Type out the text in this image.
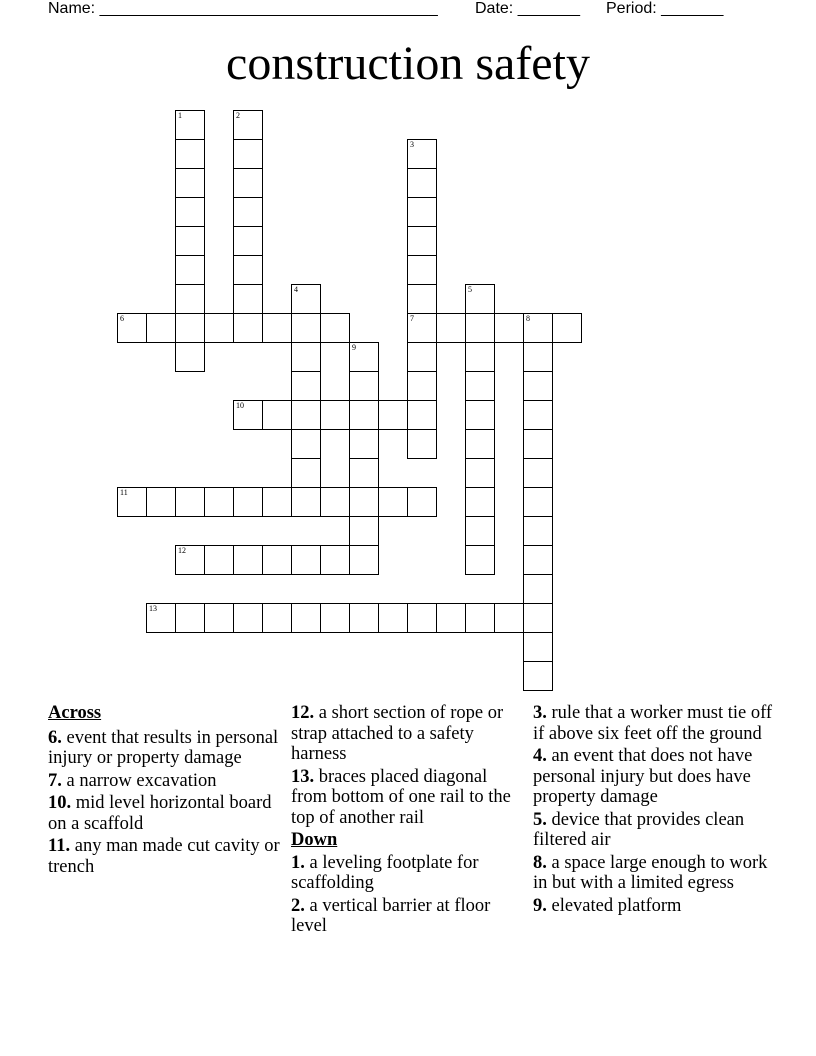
Name: ______________________________________ Date: _______ Period: _______
construction safety
1	2
3
7
4	5
6	8
9
10
11
12
13
Across
6. event that results in personal injury or property damage
7. a narrow excavation
10. mid level horizontal board on a scaffold
11. any man made cut cavity or trench
12. a short section of rope or strap attached to a safety harness
13. braces placed diagonal from bottom of one rail to the top of another rail
Down
1. a leveling footplate for scaffolding
2. a vertical barrier at floor level
3. rule that a worker must tie off if above six feet off the ground
4. an event that does not have personal injury but does have property damage
5. device that provides clean filtered air
8. a space large enough to work in but with a limited egress
9. elevated platform
